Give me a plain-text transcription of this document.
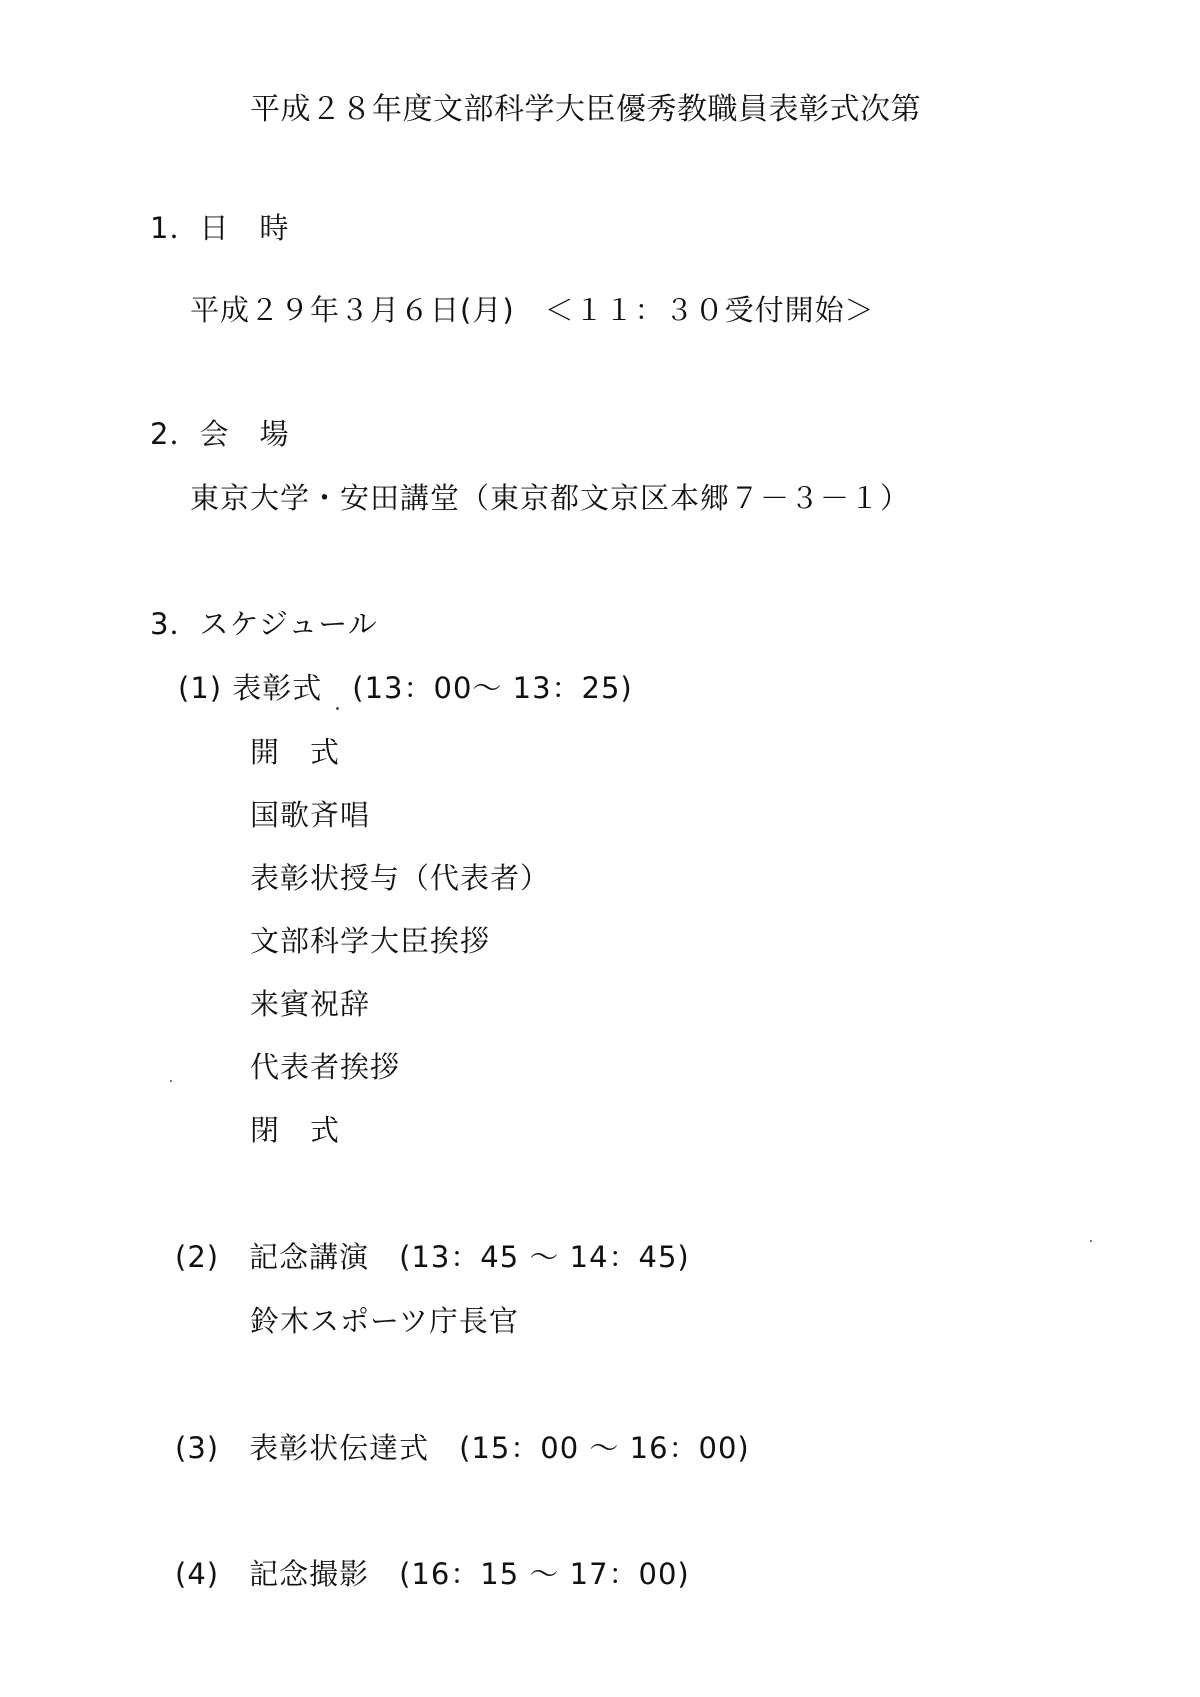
平成２８年度文部科学大臣優秀教職員表彰式次第
1．日　時
平成２９年３月６日(月)　＜１１：３０受付開始＞
2．会　場
東京大学・安田講堂（東京都文京区本郷７－３－１）
3．スケジュール
(1) 表彰式　(13：00～ 13：25)
開　式
国歌斉唱
表彰状授与（代表者）
文部科学大臣挨拶
来賓祝辞
代表者挨拶
閉　式
(2)　記念講演　(13：45 ～ 14：45)
鈴木スポーツ庁長官
(3)　表彰状伝達式　(15：00 ～ 16：00)
(4)　記念撮影　(16：15 ～ 17：00)
